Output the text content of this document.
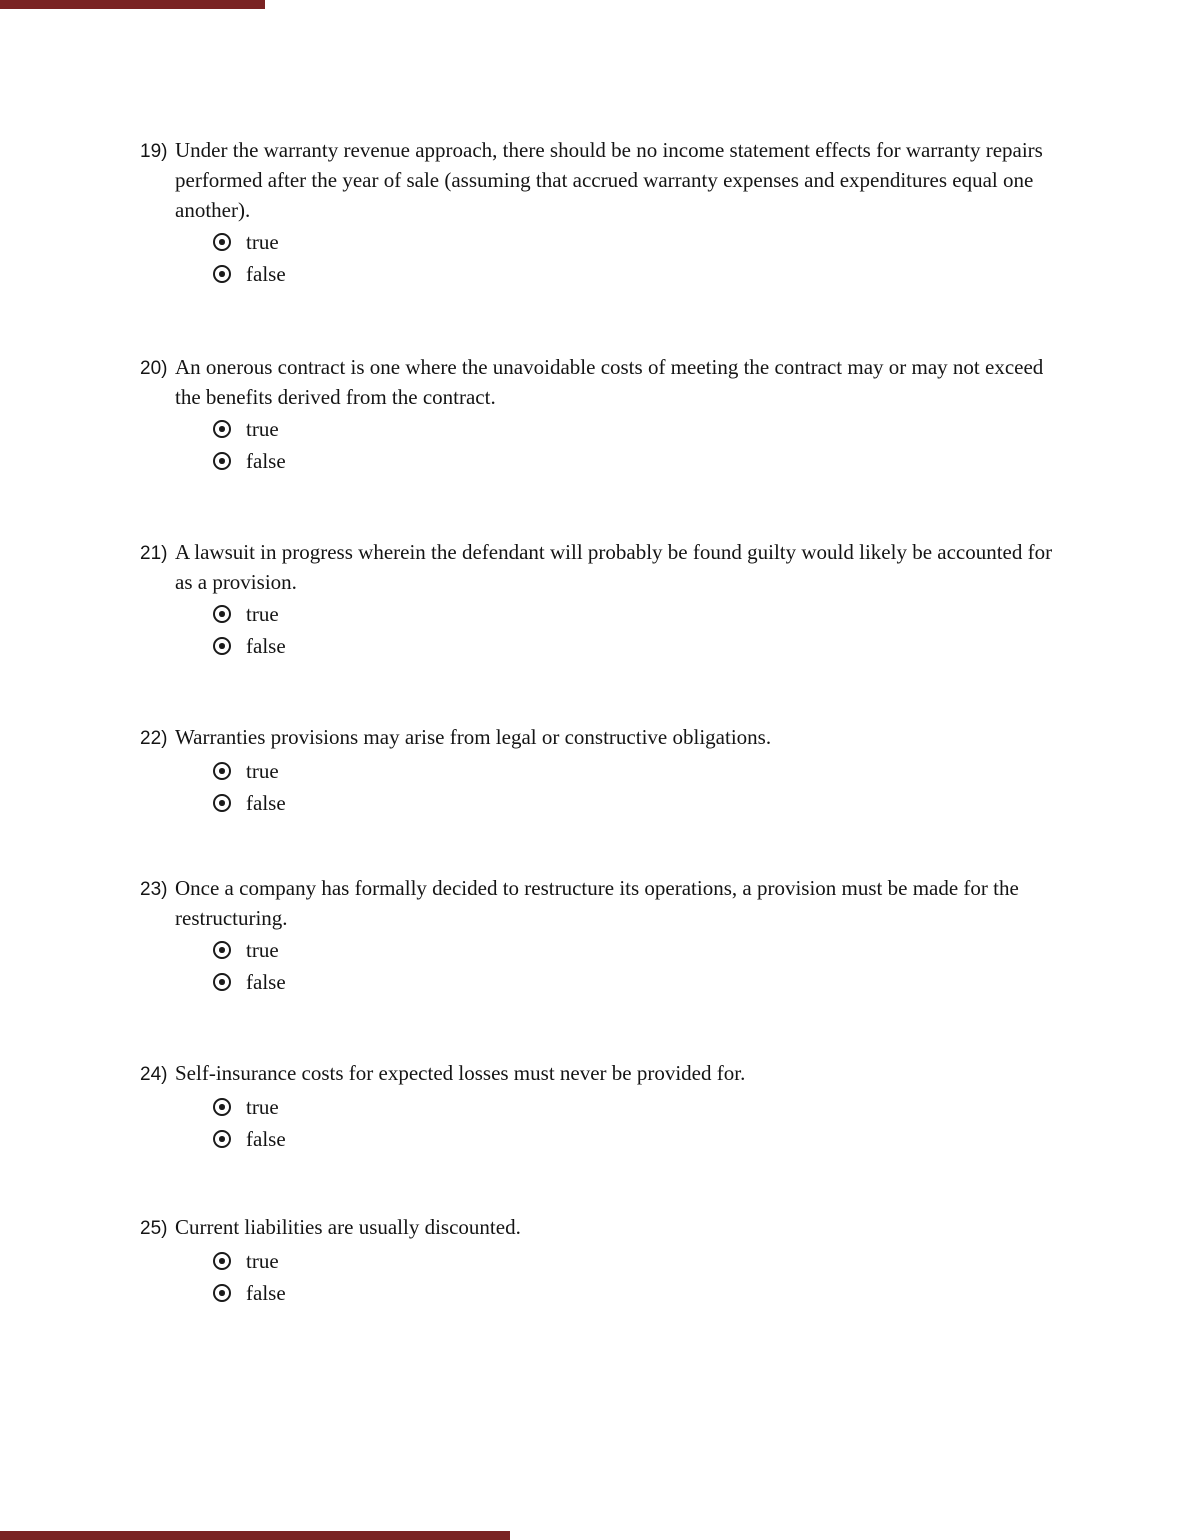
19) Under the warranty revenue approach, there should be no income statement effects for warranty repairs performed after the year of sale (assuming that accrued warranty expenses and expenditures equal one another).
true
false
20) An onerous contract is one where the unavoidable costs of meeting the contract may or may not exceed the benefits derived from the contract.
true
false
21) A lawsuit in progress wherein the defendant will probably be found guilty would likely be accounted for as a provision.
true
false
22) Warranties provisions may arise from legal or constructive obligations.
true
false
23) Once a company has formally decided to restructure its operations, a provision must be made for the restructuring.
true
false
24) Self-insurance costs for expected losses must never be provided for.
true
false
25) Current liabilities are usually discounted.
true
false
